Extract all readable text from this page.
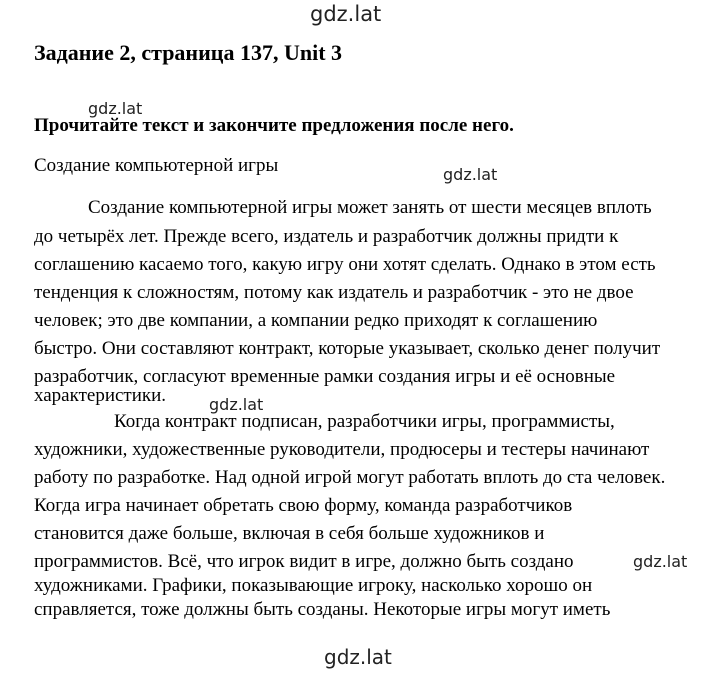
gdz.lat
Задание 2, страница 137, Unit 3
gdz.lat
Прочитайте текст и закончите предложения после него.
Создание компьютерной игры	gdz.lat
Создание компьютерной игры может занять от шести месяцев вплоть
до четырёх лет. Прежде всего, издатель и разработчик должны придти к
соглашению касаемо того, какую игру они хотят сделать. Однако в этом есть
тенденция к сложностям, потому как издатель и разработчик - это не двое
человек; это две компании, а компании редко приходят к соглашению
быстро. Они составляют контракт, которые указывает, сколько денег получит
разработчик, согласуют временные рамки создания игры и её основные
характеристики.	gdz.lat
Когда контракт подписан, разработчики игры, программисты,
художники, художественные руководители, продюсеры и тестеры начинают
работу по разработке. Над одной игрой могут работать вплоть до ста человек.
Когда игра начинает обретать свою форму, команда разработчиков
становится даже больше, включая в себя больше художников и
программистов. Всё, что игрок видит в игре, должно быть создано
художниками. Графики, показывающие игроку, насколько хорошо он
справляется, тоже должны быть созданы. Некоторые игры могут иметь
gdz.lat
gdz.lat
